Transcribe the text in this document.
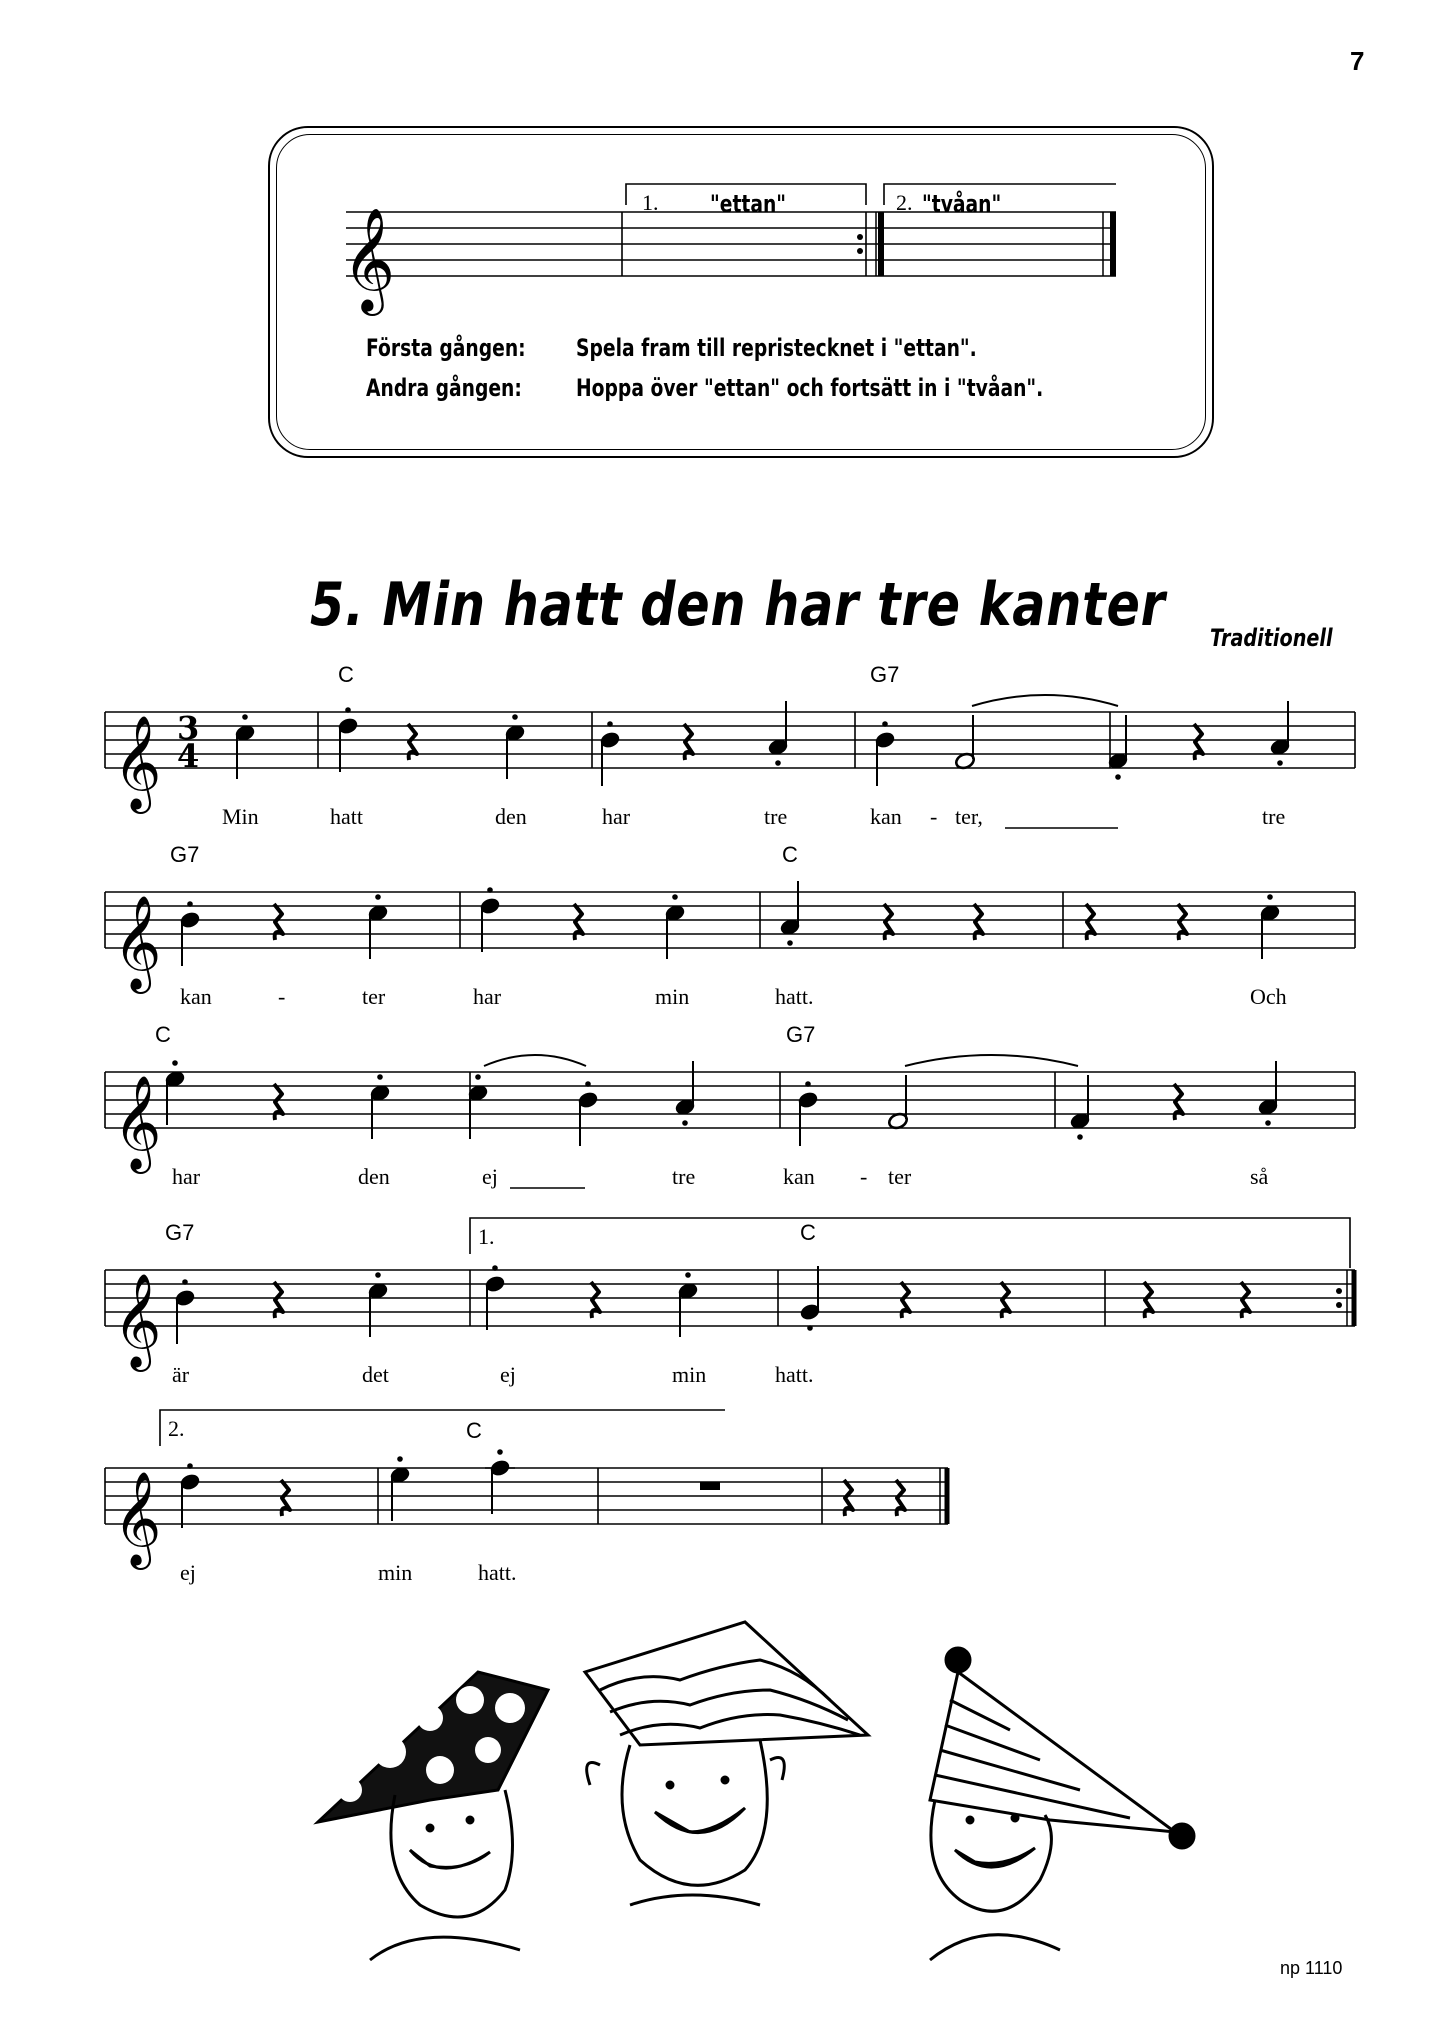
7
𝄞
1. "ettan"	2. "tvåan"
Första gången: Spela fram till repristecknet i "ettan".
Andra gången: Hoppa över "ettan" och fortsätt in i "tvåan".
5. Min hatt den har tre kanter Traditionell
𝄞 3
4
𝄞
𝄞
𝄞
1.
𝄞
2.
C	G7
G7	C
C	G7
G7	C
C
Min	hatt	den	har	tre	kan - ter,	tre
kan	-	ter	har	min	hatt.	Och
har	den	ej	tre	kan - ter	så
är	det	ej	min	hatt.
ej	min	hatt.
np 1110
